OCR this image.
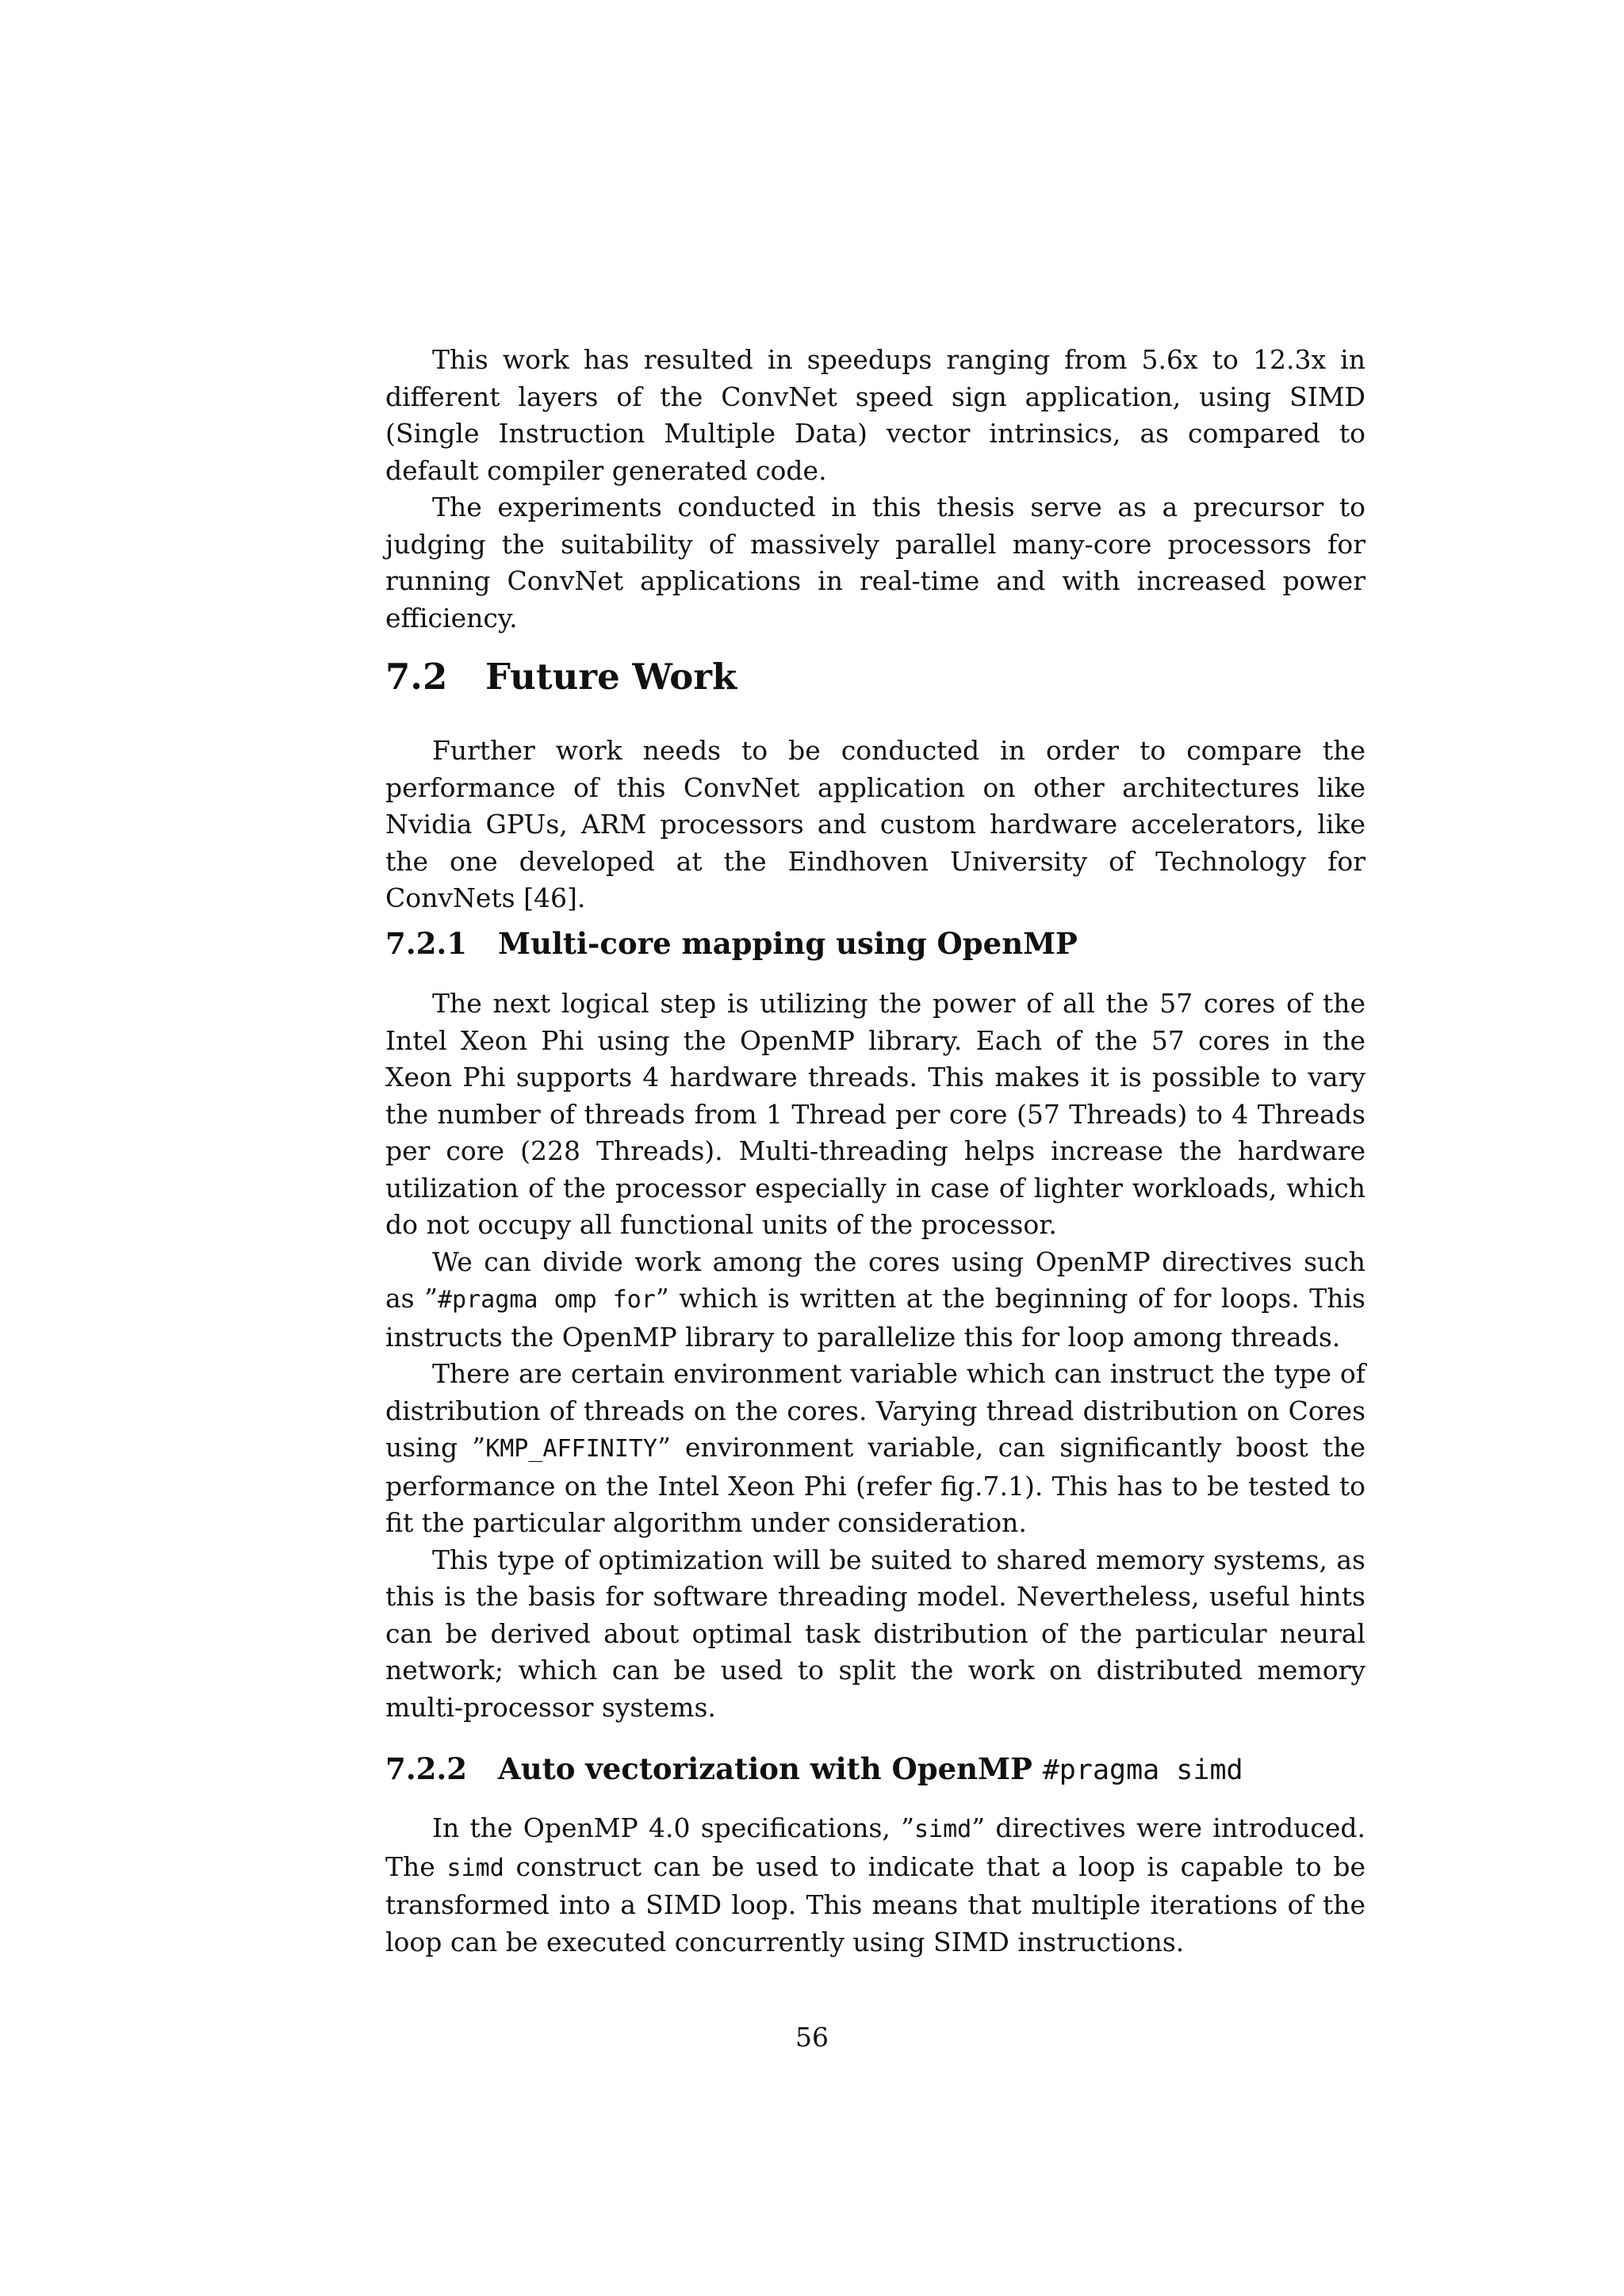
This work has resulted in speedups ranging from 5.6x to 12.3x in different layers of the ConvNet speed sign application, using SIMD (Single Instruction Multiple Data) vector intrinsics, as compared to default compiler generated code.

The experiments conducted in this thesis serve as a precursor to judging the suitability of massively parallel many-core processors for running ConvNet applications in real-time and with increased power efficiency.

7.2 Future Work

Further work needs to be conducted in order to compare the performance of this ConvNet application on other architectures like Nvidia GPUs, ARM processors and custom hardware accelerators, like the one developed at the Eindhoven University of Technology for ConvNets [46].

7.2.1 Multi-core mapping using OpenMP

The next logical step is utilizing the power of all the 57 cores of the Intel Xeon Phi using the OpenMP library. Each of the 57 cores in the Xeon Phi supports 4 hardware threads. This makes it is possible to vary the number of threads from 1 Thread per core (57 Threads) to 4 Threads per core (228 Threads). Multi-threading helps increase the hardware utilization of the processor especially in case of lighter workloads, which do not occupy all functional units of the processor.

We can divide work among the cores using OpenMP directives such as ”#pragma omp for” which is written at the beginning of for loops. This instructs the OpenMP library to parallelize this for loop among threads.

There are certain environment variable which can instruct the type of distribution of threads on the cores. Varying thread distribution on Cores using ”KMP_AFFINITY” environment variable, can significantly boost the performance on the Intel Xeon Phi (refer fig.7.1). This has to be tested to fit the particular algorithm under consideration.

This type of optimization will be suited to shared memory systems, as this is the basis for software threading model. Nevertheless, useful hints can be derived about optimal task distribution of the particular neural network; which can be used to split the work on distributed memory multi-processor systems.

7.2.2 Auto vectorization with OpenMP #pragma simd

In the OpenMP 4.0 specifications, ”simd” directives were introduced. The simd construct can be used to indicate that a loop is capable to be transformed into a SIMD loop. This means that multiple iterations of the loop can be executed concurrently using SIMD instructions.

56
